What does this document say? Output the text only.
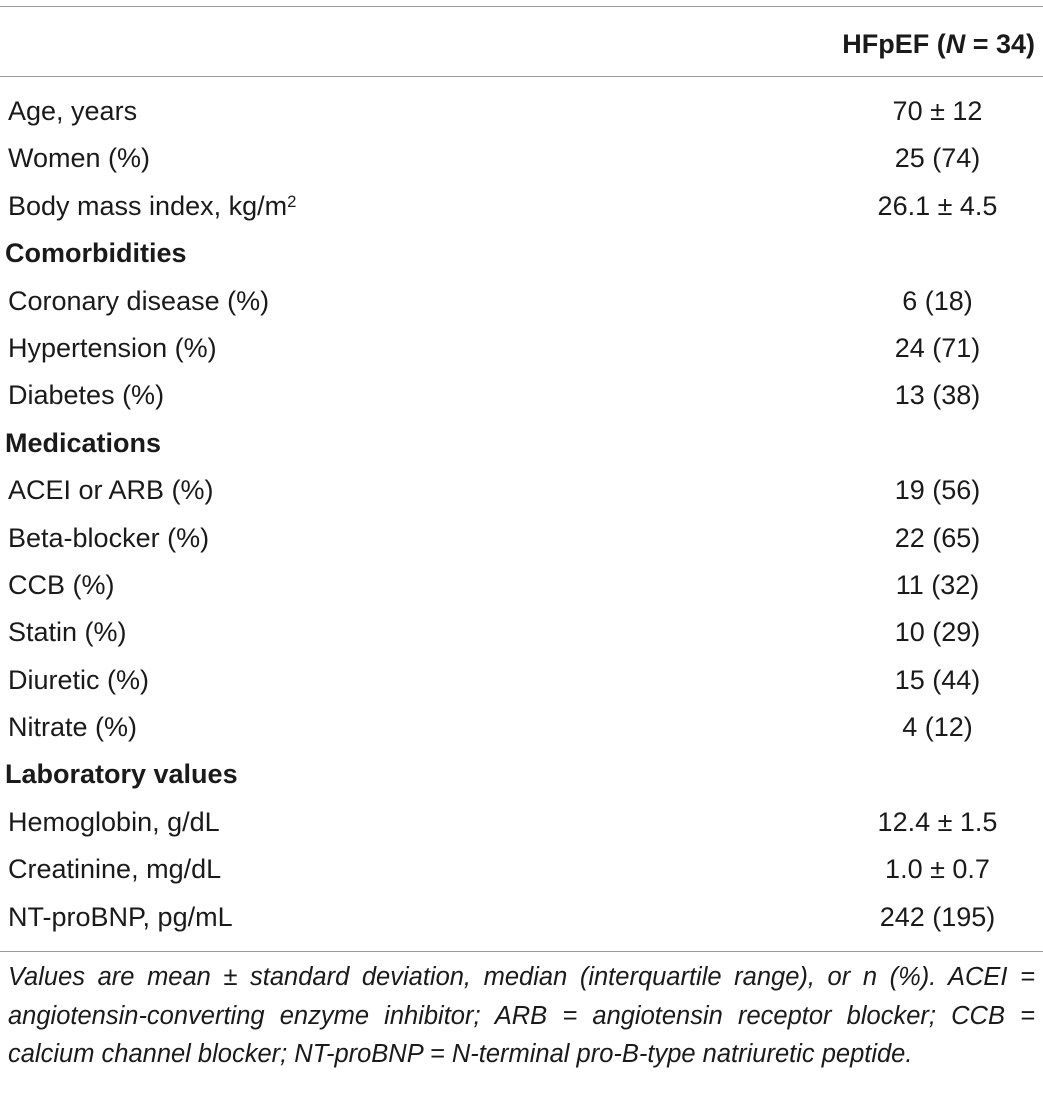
HFpEF (N = 34)
Age, years	70 ± 12
Women (%)	25 (74)
Body mass index, $kg/m^2$	26.1 ± 4.5
Comorbidities
Coronary disease (%)	6 (18)
Hypertension (%)	24 (71)
Diabetes (%)	13 (38)
Medications
ACEI or ARB (%)	19 (56)
Beta-blocker (%)	22 (65)
CCB (%)	11 (32)
Statin (%)	10 (29)
Diuretic (%)	15 (44)
Nitrate (%)	4 (12)
Laboratory values
Hemoglobin, g/dL	12.4 ± 1.5
Creatinine, mg/dL	1.0 ± 0.7
NT-proBNP, pg/mL	242 (195)
Values are mean ± standard deviation, median (interquartile range), or n (%). ACEI = angiotensin-converting enzyme inhibitor; ARB = angiotensin receptor blocker; CCB = calcium channel blocker; NT-proBNP = N-terminal pro-B-type natriuretic peptide.
